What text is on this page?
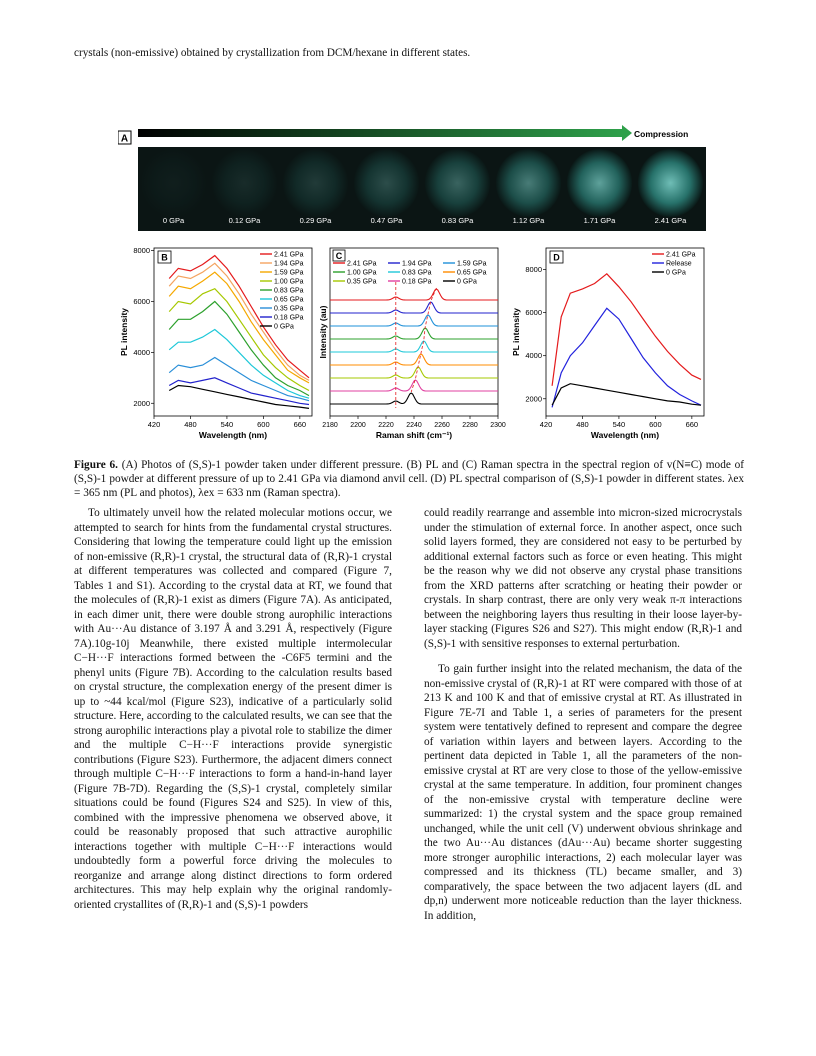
crystals (non-emissive) obtained by crystallization from DCM/hexane in different states.
A	Compression
0 GPa	0.12 GPa	0.29 GPa	0.47 GPa	0.83 GPa	1.12 GPa	1.71 GPa	2.41 GPa
420	480	540	600	660
2000
4000
6000
8000
Wavelength (nm)
PL intensity
2.41 GPa
1.94 GPa
1.59 GPa
1.00 GPa
0.83 GPa
0.65 GPa
0.35 GPa
0.18 GPa
0 GPa
B
2180 2200 2220 2240 2260 2280 2300
Raman shift (cm⁻¹)
Intensity (au)
2.41 GPa	1.94 GPa	1.59 GPa
1.00 GPa	0.83 GPa	0.65 GPa
0.35 GPa	0.18 GPa	0 GPa
C
420	480	540	600	660
2000
4000
6000
8000
Wavelength (nm)
PL intensity
2.41 GPa
Release
0 GPa
D
Figure 6. (A) Photos of (S,S)-1 powder taken under different pressure. (B) PL and (C) Raman spectra in the spectral region of v(N≡C) mode of (S,S)-1 powder at different pressure of up to 2.41 GPa via diamond anvil cell. (D) PL spectral comparison of (S,S)-1 powder in different states. λex = 365 nm (PL and photos), λex = 633 nm (Raman spectra).

To ultimately unveil how the related molecular motions occur, we attempted to search for hints from the fundamental crystal structures. Considering that lowing the temperature could light up the emission of non-emissive (R,R)-1 crystal, the structural data of (R,R)-1 crystal at different temperatures was collected and compared (Figure 7, Tables 1 and S1). According to the crystal data at RT, we found that the molecules of (R,R)-1 exist as dimers (Figure 7A). As anticipated, in each dimer unit, there were double strong aurophilic interactions with Au···Au distance of 3.197 Å and 3.291 Å, respectively (Figure 7A).10g-10j Meanwhile, there existed multiple intermolecular C−H···F interactions formed between the -C6F5 termini and the phenyl units (Figure 7B). According to the calculation results based on crystal structure, the complexation energy of the present dimer is up to ~44 kcal/mol (Figure S23), indicative of a particularly solid structure. Here, according to the calculated results, we can see that the strong aurophilic interactions play a pivotal role to stabilize the dimer and the multiple C−H···F interactions provide synergistic contributions (Figure S23). Furthermore, the adjacent dimers connect through multiple C−H···F interactions to form a hand-in-hand layer (Figure 7B-7D). Regarding the (S,S)-1 crystal, completely similar situations could be found (Figures S24 and S25). In view of this, combined with the impressive phenomena we observed above, it could be reasonably proposed that such attractive aurophilic interactions together with multiple C−H···F interactions would undoubtedly form a powerful force driving the molecules to reorganize and arrange along distinct directions to form ordered architectures. This may help explain why the original randomly-oriented crystallites of (R,R)-1 and (S,S)-1 powders

could readily rearrange and assemble into micron-sized microcrystals under the stimulation of external force. In another aspect, once such solid layers formed, they are considered not easy to be perturbed by additional external factors such as force or even heating. This might be the reason why we did not observe any crystal phase transitions from the XRD patterns after scratching or heating their powder or crystals. In sharp contrast, there are only very weak π-π interactions between the neighboring layers thus resulting in their loose layer-by-layer stacking (Figures S26 and S27). This might endow (R,R)-1 and (S,S)-1 with sensitive responses to external perturbation.

To gain further insight into the related mechanism, the data of the non-emissive crystal of (R,R)-1 at RT were compared with those of at 213 K and 100 K and that of emissive crystal at RT. As illustrated in Figure 7E-7I and Table 1, a series of parameters for the present system were tentatively defined to represent and compare the degree of variation within layers and between layers. According to the pertinent data depicted in Table 1, all the parameters of the non-emissive crystal at RT are very close to those of the yellow-emissive crystal at the same temperature. In addition, four prominent changes of the non-emissive crystal with temperature decline were summarized: 1) the crystal system and the space group remained unchanged, while the unit cell (V) underwent obvious shrinkage and the two Au···Au distances (dAu···Au) became shorter suggesting more stronger aurophilic interactions, 2) each molecular layer was compressed and its thickness (TL) became smaller, and 3) comparatively, the space between the two adjacent layers (dL and dp,n) underwent more noticeable reduction than the layer thickness. In addition,
